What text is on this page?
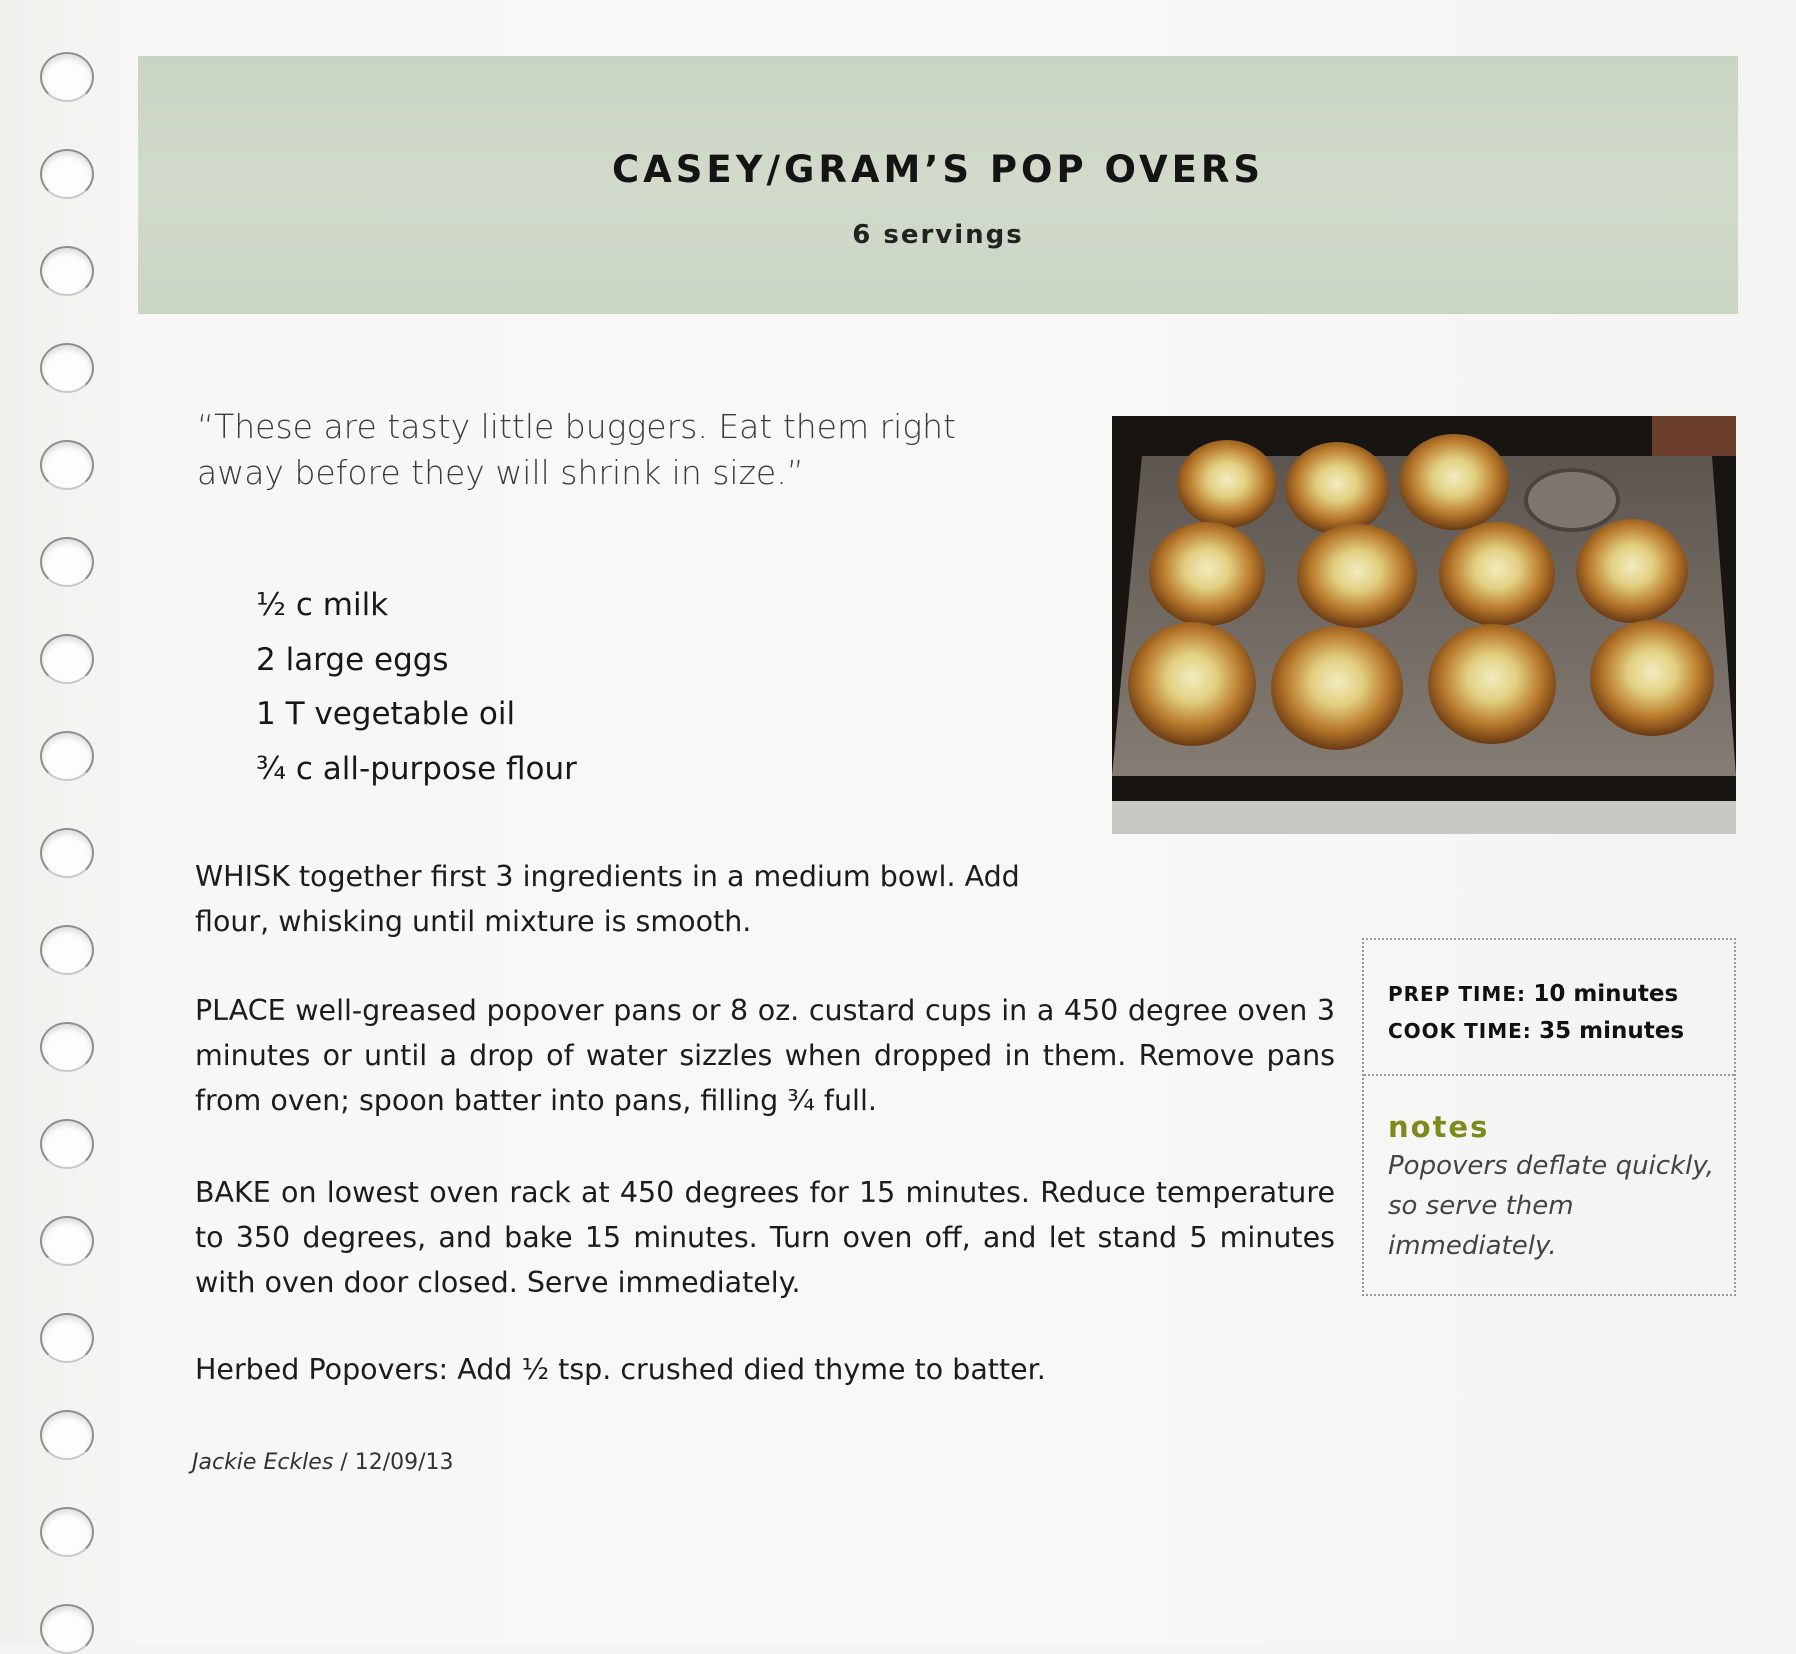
CASEY/GRAM’S POP OVERS
6 servings
“These are tasty little buggers. Eat them right away before they will shrink in size.”
½ c milk
2 large eggs
1 T vegetable oil
¾ c all-purpose flour
WHISK together first 3 ingredients in a medium bowl. Add flour, whisking until mixture is smooth.
PLACE well-greased popover pans or 8 oz. custard cups in a 450 degree oven 3 minutes or until a drop of water sizzles when dropped in them. Remove pans from oven; spoon batter into pans, filling ¾ full.
BAKE on lowest oven rack at 450 degrees for 15 minutes. Reduce temperature to 350 degrees, and bake 15 minutes. Turn oven off, and let stand 5 minutes with oven door closed. Serve immediately.
Herbed Popovers: Add ½ tsp. crushed died thyme to batter.
Jackie Eckles / 12/09/13
PREP TIME: 10 minutes
COOK TIME: 35 minutes
notes
Popovers deflate quickly, so serve them immediately.
